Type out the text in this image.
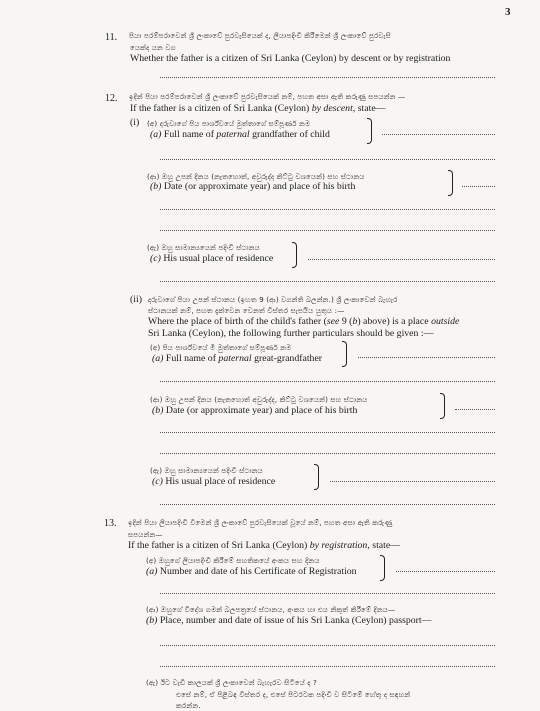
3
11. පියා පරම්පරාවෙන් ශ්‍රී ලංකාවේ පුරවැසියෙක් ද, ලියාපදිංචි කිරීමෙන් ශ්‍රී ලංකාවේ පුරවැසි
යෙක්ද යන වග
Whether the father is a citizen of Sri Lanka (Ceylon) by descent or by registration
12. ඉදින් පියා පරම්පරාවෙන් ශ්‍රී ලංකාවේ පුරවැසියෙක් නම්, පහත අසා ඇති කරුණු සපයන්න —
If the father is a citizen of Sri Lanka (Ceylon) by descent, state—
(i) (අ) දරුවාගේ පිය පාර්ශ්වයේ මුත්තාගේ සම්පූර්ණ නම
(a) Full name of paternal grandfather of child
(ආ) ඔහු උපන් දිනය (නැතහොත්, අවුරුද්ද කිට්ටු වශයෙන්) සහ ස්ථානය
(b) Date (or approximate year) and place of his birth
(ඇ) ඔහු සාමාන්‍යයෙන් පදිංචි ස්ථානය
(c) His usual place of residence
(ii) දරුවාගේ පියා උපන් ස්ථානය (ඉහත 9 (ආ) වගන්ති බලන්න.) ශ්‍රී ලංකාවෙන් බැහැර
ස්ථානයක් නම්, පහත දැක්වෙන වෙනත් විස්තර සැපයිය යුතුය :—
Where the place of birth of the child's father (see 9 (b) above) is a place outside
Sri Lanka (Ceylon), the following further particulars should be given :—
(අ) පිය පාර්ශ්වයේ මී මුත්තාගේ සම්පූර්ණ නම
(a) Full name of paternal great-grandfather
(ආ) ඔහු උපන් දිනය (නැතහොත් අවුරුද්ද, කිට්ටු වශයෙන්) සහ ස්ථානය
(b) Date (or approximate year) and place of his birth
(ඇ) ඔහු සාමාන්‍යයෙන් පදිංචි ස්ථානය
(c) His usual place of residence
13. ඉදින් පියා ලියාපදිංචි වීමෙන් ශ්‍රී ලංකාවේ පුරවැසියෙක් වූයේ නම්, පහත අසා ඇති කරුණු
සපයන්න—
If the father is a citizen of Sri Lanka (Ceylon) by registration, state—
(අ) ඔහුගේ ලියාපදිංචි කිරීමේ සහතිකයේ අංකය සහ දිනය
(a) Number and date of his Certificate of Registration
(ආ) ඔහුගේ විදේශ ගමන් බලපත්‍රයේ ස්ථානය, අංකය හා එය නිකුත් කිරීමේ දිනය—
(b) Place, number and date of issue of his Sri Lanka (Ceylon) passport—
(ඇ) ඊට වැඩි කාලයක් ශ්‍රී ලංකාවෙන් බැහැරව සිටියේ ද ?
එසේ නම්, ඒ පිළිබඳ විස්තර ද, එසේ පිටරටක පදිංචි ව සිටීමේ හේතු ද සඳහන්
කරන්න.
